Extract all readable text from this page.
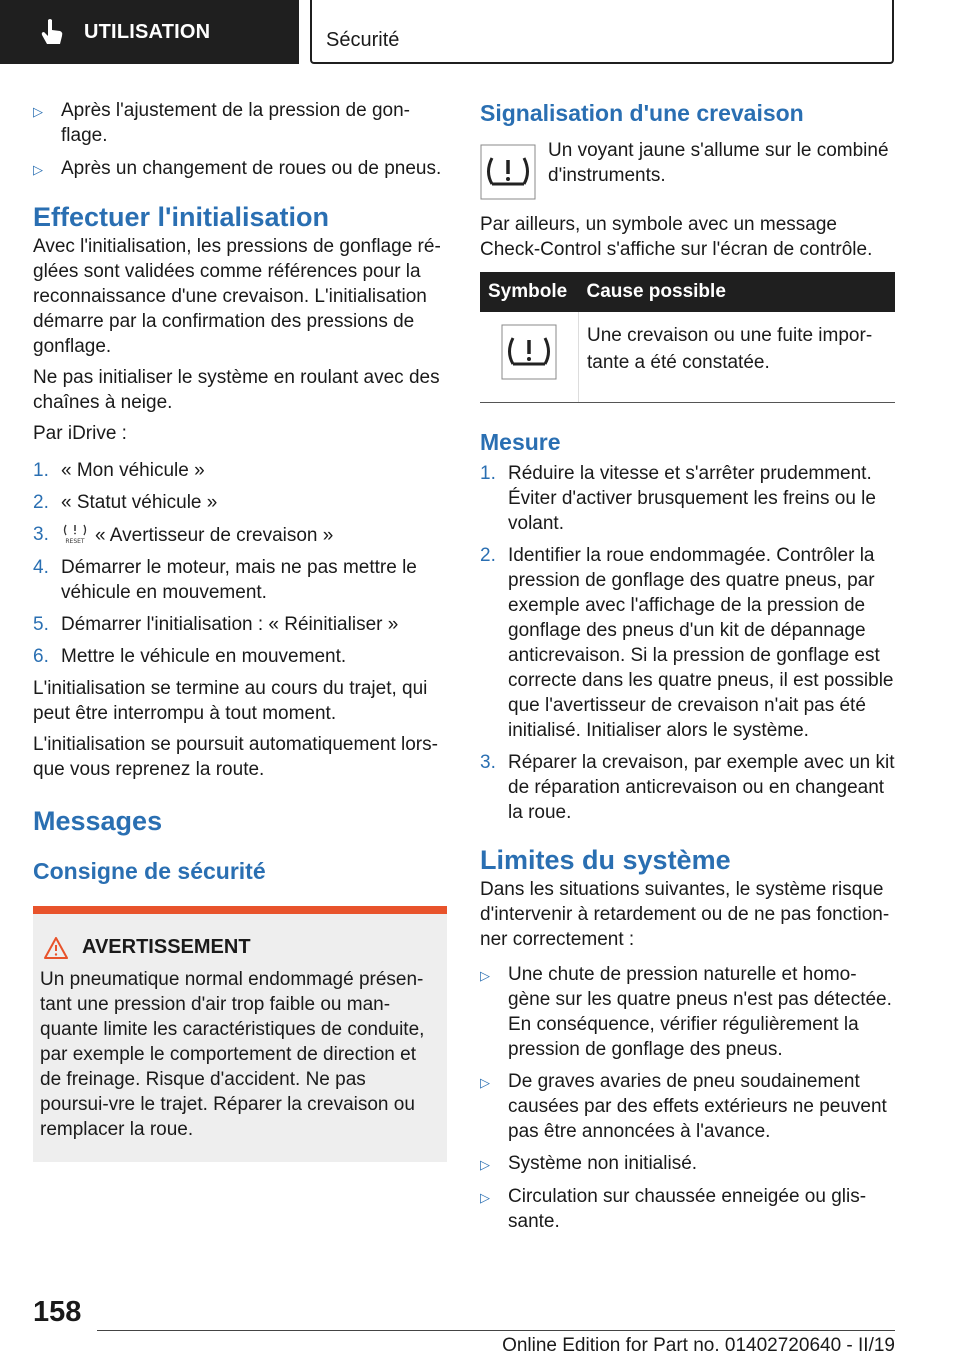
UTILISATION	Sécurité
▷ Après l'ajustement de la pression de gon-flage.
▷ Après un changement de roues ou de pneus.
Effectuer l'initialisation

Avec l'initialisation, les pressions de gonflage ré-glées sont validées comme références pour la reconnaissance d'une crevaison. L'initialisation démarre par la confirmation des pressions de gonflage.

Ne pas initialiser le système en roulant avec des chaînes à neige.

Par iDrive :

1. « Mon véhicule »
2. « Statut véhicule »
3.	RESET « Avertisseur de crevaison »
4. Démarrer le moteur, mais ne pas mettre le véhicule en mouvement.
5. Démarrer l'initialisation : « Réinitialiser »
6. Mettre le véhicule en mouvement.

L'initialisation se termine au cours du trajet, qui peut être interrompu à tout moment.

L'initialisation se poursuit automatiquement lors-que vous reprenez la route.

Messages
Consigne de sécurité
AVERTISSEMENT

Un pneumatique normal endommagé présen-tant une pression d'air trop faible ou man-quante limite les caractéristiques de conduite, par exemple le comportement de direction et de freinage. Risque d'accident. Ne pas poursui-vre le trajet. Réparer la crevaison ou remplacer la roue.

Signalisation d'une crevaison

Un voyant jaune s'allume sur le combiné d'instruments.

Par ailleurs, un symbole avec un message Check-Control s'affiche sur l'écran de contrôle.

Symbole	Cause possible
	Une crevaison ou une fuite impor-tante a été constatée.
Mesure
1. Réduire la vitesse et s'arrêter prudemment. Éviter d'activer brusquement les freins ou le volant.
2. Identifier la roue endommagée. Contrôler la pression de gonflage des quatre pneus, par exemple avec l'affichage de la pression de gonflage des pneus d'un kit de dépannage anticrevaison. Si la pression de gonflage est correcte dans les quatre pneus, il est possible que l'avertisseur de crevaison n'ait pas été initialisé. Initialiser alors le système.
3. Réparer la crevaison, par exemple avec un kit de réparation anticrevaison ou en changeant la roue.
Limites du système

Dans les situations suivantes, le système risque d'intervenir à retardement ou de ne pas fonction-ner correctement :

▷ Une chute de pression naturelle et homo-gène sur les quatre pneus n'est pas détectée. En conséquence, vérifier régulièrement la pression de gonflage des pneus.
▷ De graves avaries de pneu soudainement causées par des effets extérieurs ne peuvent pas être annoncées à l'avance.
▷ Système non initialisé.
▷ Circulation sur chaussée enneigée ou glis-sante.
158
Online Edition for Part no. 01402720640 - II/19
